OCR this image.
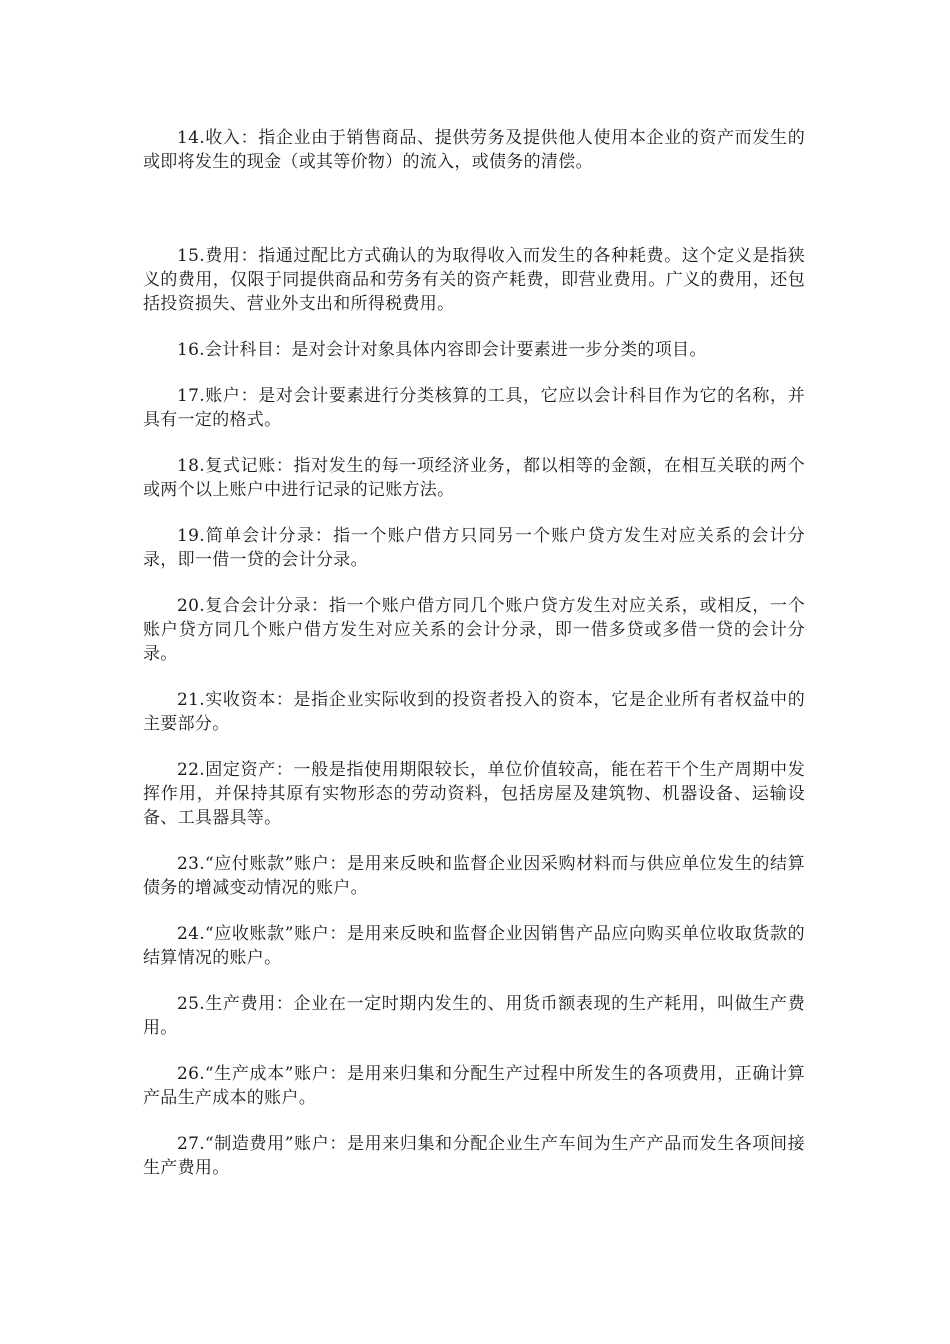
14.收入：指企业由于销售商品、提供劳务及提供他人使用本企业的资产而发生的或即将发生的现金（或其等价物）的流入，或债务的清偿。

15.费用：指通过配比方式确认的为取得收入而发生的各种耗费。这个定义是指狭义的费用，仅限于同提供商品和劳务有关的资产耗费，即营业费用。广义的费用，还包括投资损失、营业外支出和所得税费用。

16.会计科目：是对会计对象具体内容即会计要素进一步分类的项目。

17.账户：是对会计要素进行分类核算的工具，它应以会计科目作为它的名称，并具有一定的格式。

18.复式记账：指对发生的每一项经济业务，都以相等的金额，在相互关联的两个或两个以上账户中进行记录的记账方法。

19.简单会计分录：指一个账户借方只同另一个账户贷方发生对应关系的会计分录，即一借一贷的会计分录。

20.复合会计分录：指一个账户借方同几个账户贷方发生对应关系，或相反，一个账户贷方同几个账户借方发生对应关系的会计分录，即一借多贷或多借一贷的会计分录。

21.实收资本：是指企业实际收到的投资者投入的资本，它是企业所有者权益中的主要部分。

22.固定资产：一般是指使用期限较长，单位价值较高，能在若干个生产周期中发挥作用，并保持其原有实物形态的劳动资料，包括房屋及建筑物、机器设备、运输设备、工具器具等。

23.“应付账款”账户：是用来反映和监督企业因采购材料而与供应单位发生的结算债务的增减变动情况的账户。

24.“应收账款”账户：是用来反映和监督企业因销售产品应向购买单位收取货款的结算情况的账户。

25.生产费用：企业在一定时期内发生的、用货币额表现的生产耗用，叫做生产费用。

26.“生产成本”账户：是用来归集和分配生产过程中所发生的各项费用，正确计算产品生产成本的账户。

27.“制造费用”账户：是用来归集和分配企业生产车间为生产产品而发生各项间接生产费用。
